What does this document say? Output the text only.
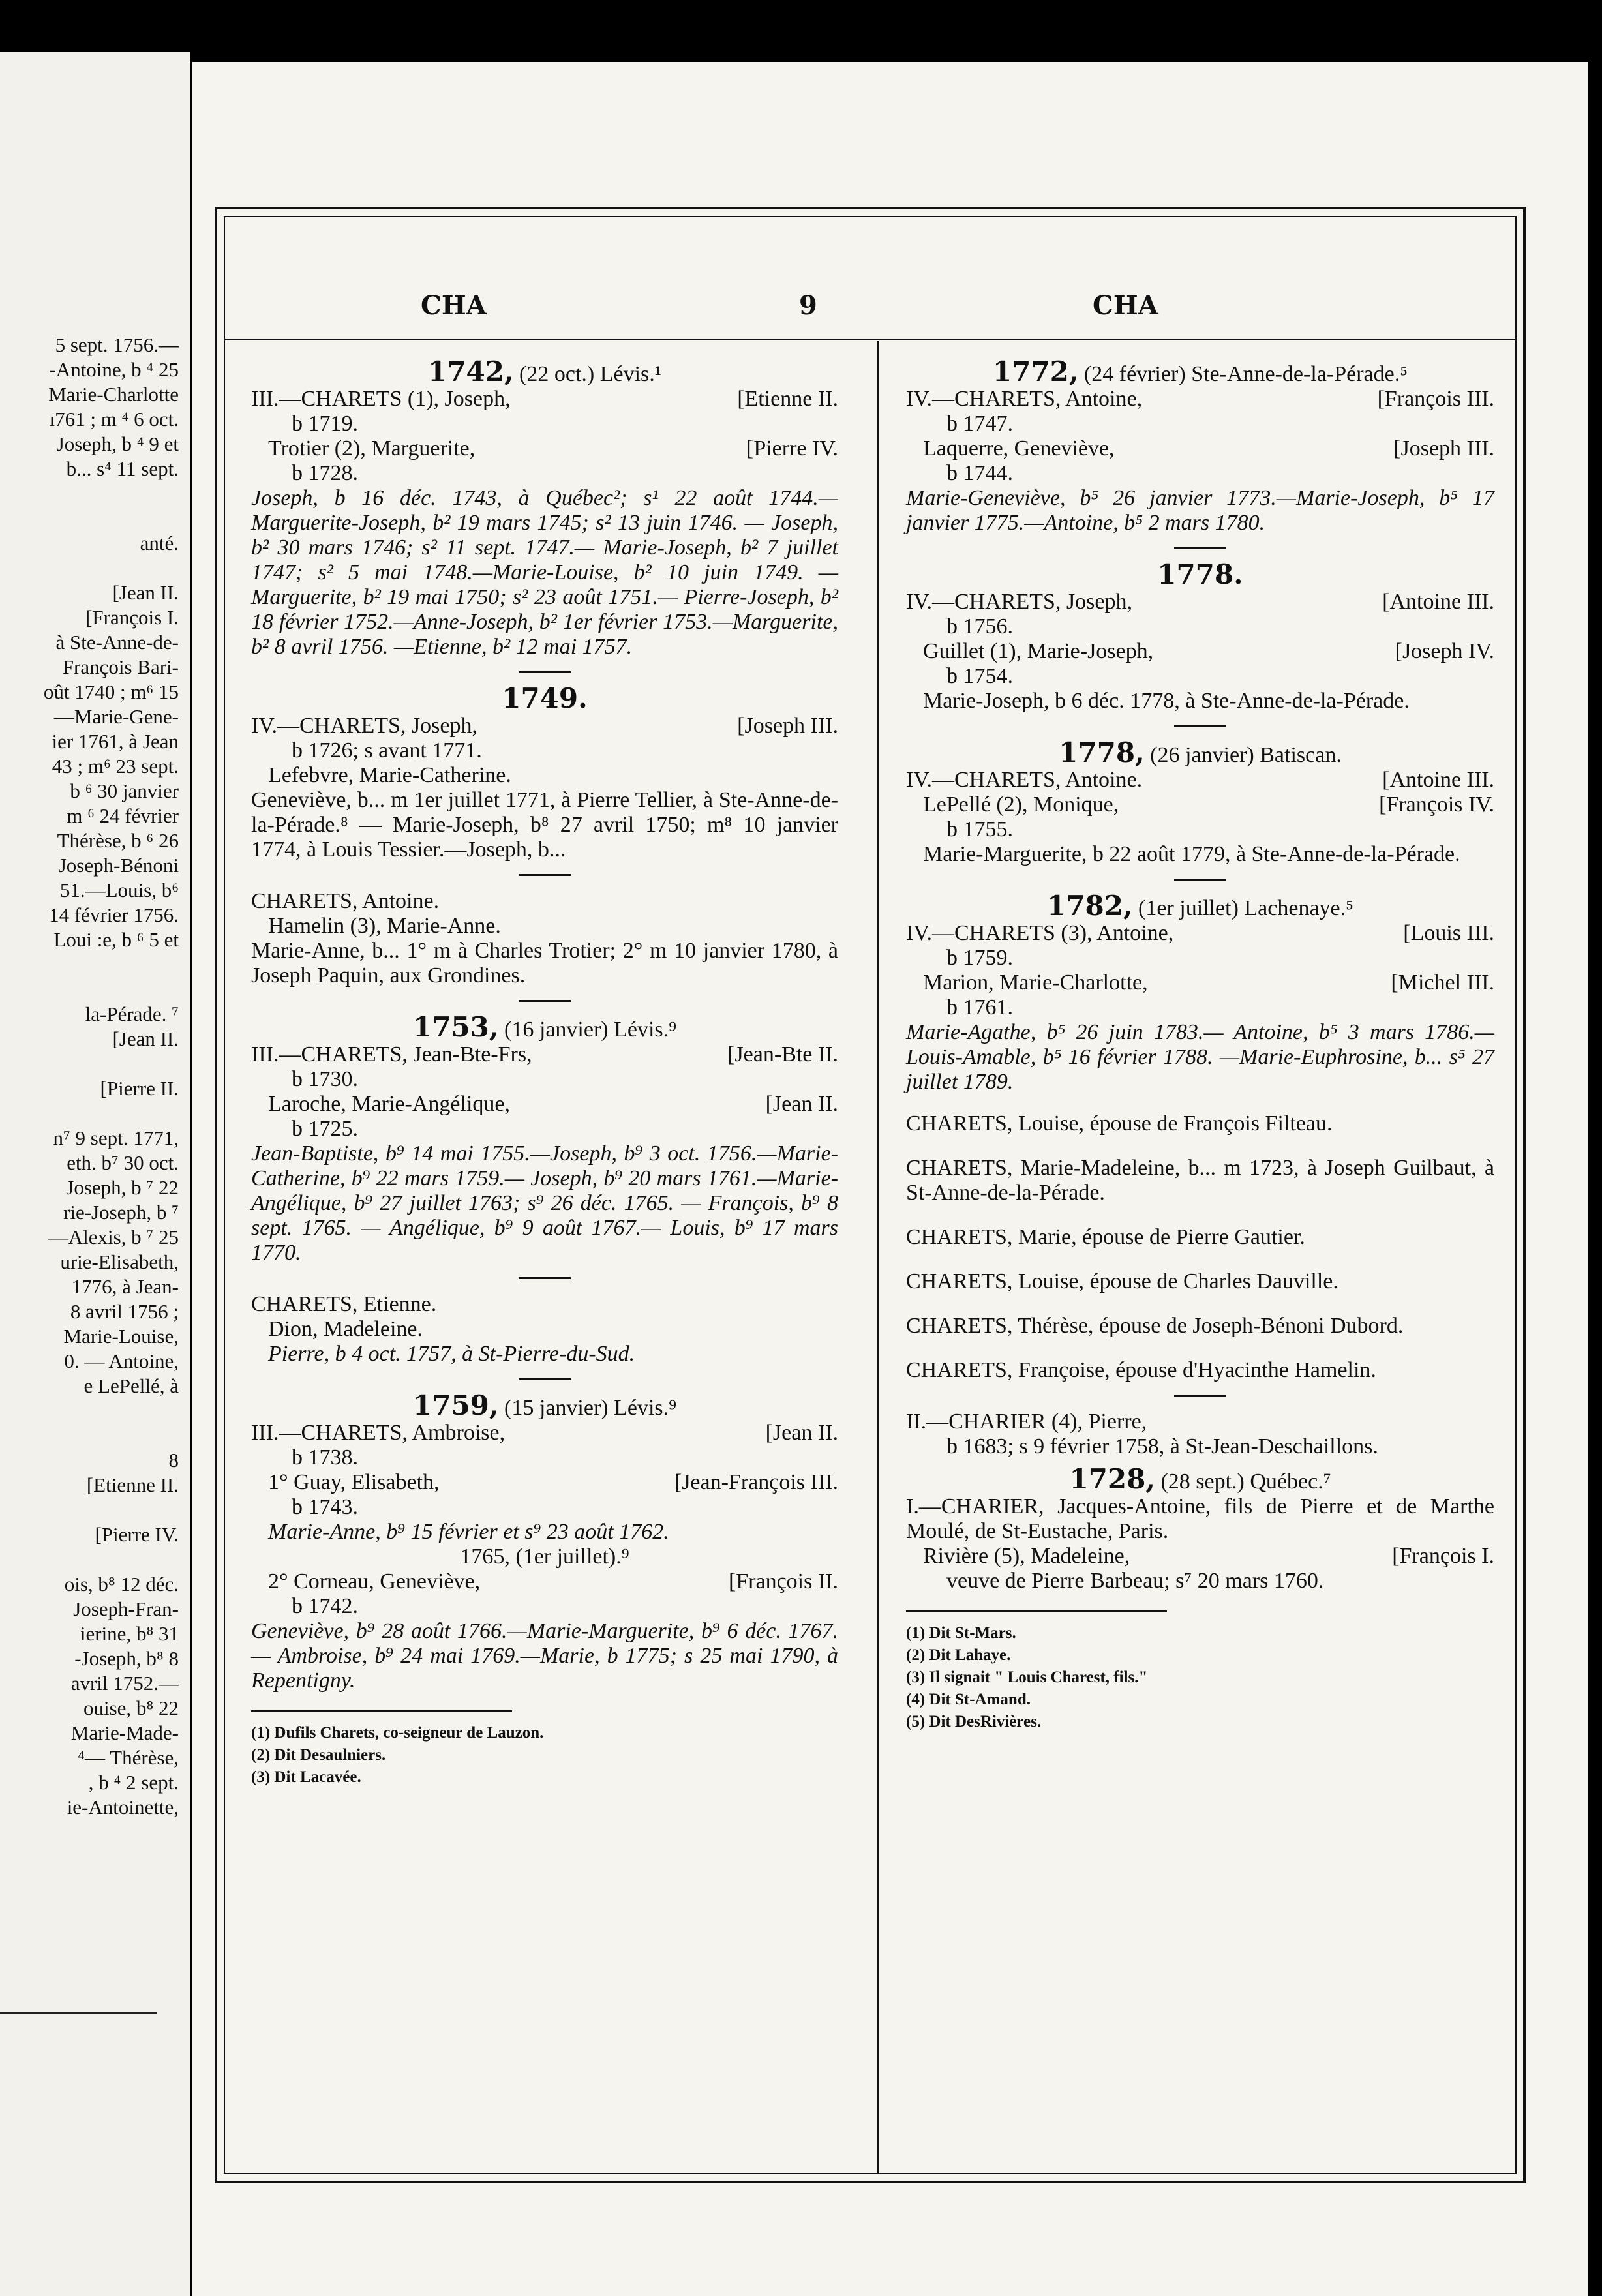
5 sept. 1756.—
-Antoine, b ⁴ 25
Marie-Charlotte
ı761 ; m ⁴ 6 oct.
Joseph, b ⁴ 9 et
b... s⁴ 11 sept.

anté.

[Jean II.
[François I.
à Ste-Anne-de-
François Bari-
oût 1740 ; m⁶ 15
—Marie-Gene-
ier 1761, à Jean
43 ; m⁶ 23 sept.
b ⁶ 30 janvier
m ⁶ 24 février
Thérèse, b ⁶ 26
Joseph-Bénoni
51.—Louis, b⁶
14 février 1756.
Loui :e, b ⁶ 5 et

la-Pérade. ⁷
[Jean II.

[Pierre II.

n⁷ 9 sept. 1771,
eth. b⁷ 30 oct.
Joseph, b ⁷ 22
rie-Joseph, b ⁷
—Alexis, b ⁷ 25
urie-Elisabeth,
1776, à Jean-
8 avril 1756 ;
Marie-Louise,
0. — Antoine,
e LePellé, à

8
[Etienne II.

[Pierre IV.

ois, b⁸ 12 déc.
Joseph-Fran-
ierine, b⁸ 31
-Joseph, b⁸ 8
avril 1752.—
ouise, b⁸ 22
Marie-Made-
⁴— Thérèse,
, b ⁴ 2 sept.
ie-Antoinette,
CHA	9	CHA

1742, (22 oct.) Lévis.¹

III.—CHARETS (1), Joseph,	[Etienne II.
b 1719.
Trotier (2), Marguerite,	[Pierre IV.
b 1728.

Joseph, b 16 déc. 1743, à Québec²; s¹ 22 août 1744.—Marguerite-Joseph, b² 19 mars 1745; s² 13 juin 1746. — Joseph, b² 30 mars 1746; s² 11 sept. 1747.— Marie-Joseph, b² 7 juillet 1747; s² 5 mai 1748.—Marie-Louise, b² 10 juin 1749. — Marguerite, b² 19 mai 1750; s² 23 août 1751.— Pierre-Joseph, b² 18 février 1752.—Anne-Joseph, b² 1er février 1753.—Marguerite, b² 8 avril 1756. —Etienne, b² 12 mai 1757.

1749.

IV.—CHARETS, Joseph,	[Joseph III.
b 1726; s avant 1771.
Lefebvre, Marie-Catherine.

Geneviève, b... m 1er juillet 1771, à Pierre Tellier, à Ste-Anne-de-la-Pérade.⁸ — Marie-Joseph, b⁸ 27 avril 1750; m⁸ 10 janvier 1774, à Louis Tessier.—Joseph, b...

CHARETS, Antoine.
Hamelin (3), Marie-Anne.

Marie-Anne, b... 1° m à Charles Trotier; 2° m 10 janvier 1780, à Joseph Paquin, aux Grondines.

1753, (16 janvier) Lévis.⁹

III.—CHARETS, Jean-Bte-Frs,	[Jean-Bte II.
b 1730.
Laroche, Marie-Angélique,	[Jean II.
b 1725.

Jean-Baptiste, b⁹ 14 mai 1755.—Joseph, b⁹ 3 oct. 1756.—Marie-Catherine, b⁹ 22 mars 1759.— Joseph, b⁹ 20 mars 1761.—Marie-Angélique, b⁹ 27 juillet 1763; s⁹ 26 déc. 1765. — François, b⁹ 8 sept. 1765. — Angélique, b⁹ 9 août 1767.— Louis, b⁹ 17 mars 1770.

CHARETS, Etienne.
Dion, Madeleine.
Pierre, b 4 oct. 1757, à St-Pierre-du-Sud.

1759, (15 janvier) Lévis.⁹

III.—CHARETS, Ambroise,	[Jean II.
b 1738.
1° Guay, Elisabeth,	[Jean-François III.
b 1743.
Marie-Anne, b⁹ 15 février et s⁹ 23 août 1762.
1765, (1er juillet).⁹
2° Corneau, Geneviève,	[François II.
b 1742.

Geneviève, b⁹ 28 août 1766.—Marie-Marguerite, b⁹ 6 déc. 1767. — Ambroise, b⁹ 24 mai 1769.—Marie, b 1775; s 25 mai 1790, à Repentigny.

(1) Dufils Charets, co-seigneur de Lauzon.
(2) Dit Desaulniers.
(3) Dit Lacavée.

1772, (24 février) Ste-Anne-de-la-Pérade.⁵

IV.—CHARETS, Antoine,	[François III.
b 1747.
Laquerre, Geneviève,	[Joseph III.
b 1744.

Marie-Geneviève, b⁵ 26 janvier 1773.—Marie-Joseph, b⁵ 17 janvier 1775.—Antoine, b⁵ 2 mars 1780.

1778.

IV.—CHARETS, Joseph,	[Antoine III.
b 1756.
Guillet (1), Marie-Joseph,	[Joseph IV.
b 1754.

Marie-Joseph, b 6 déc. 1778, à Ste-Anne-de-la-Pérade.

1778, (26 janvier) Batiscan.

IV.—CHARETS, Antoine.	[Antoine III.
LePellé (2), Monique,	[François IV.
b 1755.

Marie-Marguerite, b 22 août 1779, à Ste-Anne-de-la-Pérade.

1782, (1er juillet) Lachenaye.⁵

IV.—CHARETS (3), Antoine,	[Louis III.
b 1759.
Marion, Marie-Charlotte,	[Michel III.
b 1761.

Marie-Agathe, b⁵ 26 juin 1783.— Antoine, b⁵ 3 mars 1786.—Louis-Amable, b⁵ 16 février 1788. —Marie-Euphrosine, b... s⁵ 27 juillet 1789.

CHARETS, Louise, épouse de François Filteau.

CHARETS, Marie-Madeleine, b... m 1723, à Joseph Guilbaut, à St-Anne-de-la-Pérade.

CHARETS, Marie, épouse de Pierre Gautier.

CHARETS, Louise, épouse de Charles Dauville.

CHARETS, Thérèse, épouse de Joseph-Bénoni Dubord.

CHARETS, Françoise, épouse d'Hyacinthe Hamelin.

II.—CHARIER (4), Pierre,

b 1683; s 9 février 1758, à St-Jean-Deschaillons.

1728, (28 sept.) Québec.⁷

I.—CHARIER, Jacques-Antoine, fils de Pierre et de Marthe Moulé, de St-Eustache, Paris.

Rivière (5), Madeleine,	[François I.
veuve de Pierre Barbeau; s⁷ 20 mars 1760.
(1) Dit St-Mars.
(2) Dit Lahaye.
(3) Il signait " Louis Charest, fils."
(4) Dit St-Amand.
(5) Dit DesRivières.
